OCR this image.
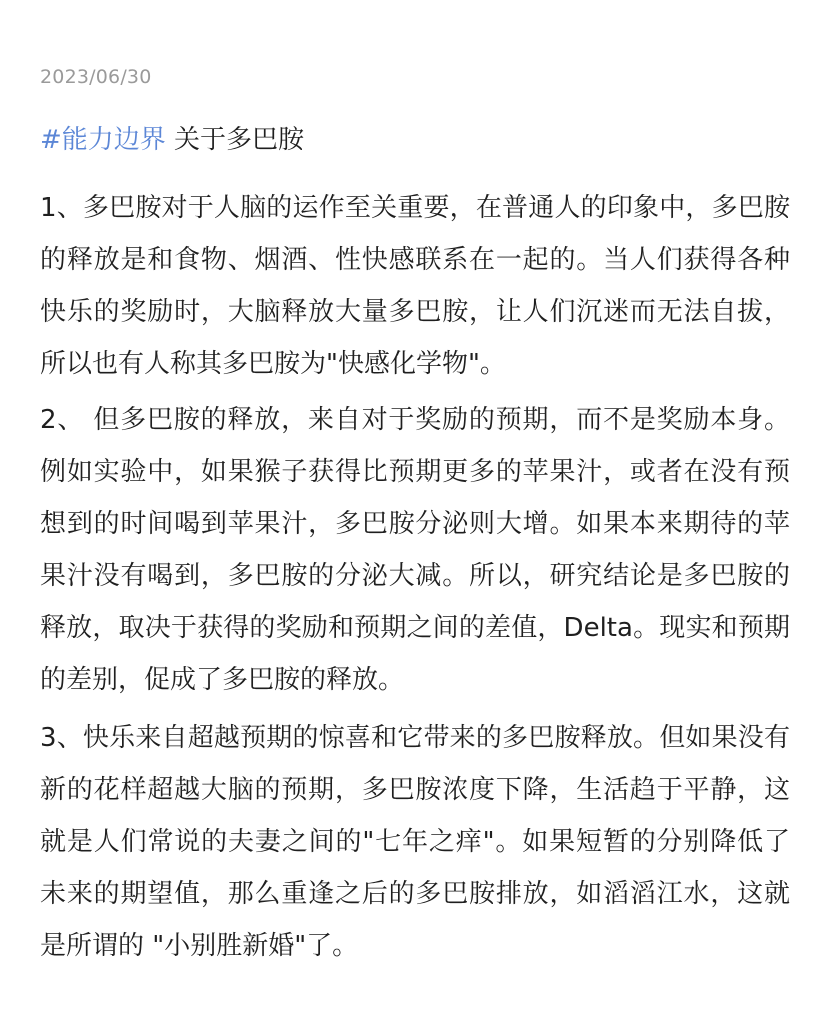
2023/06/30
#能力边界 关于多巴胺
1、多巴胺对于人脑的运作至关重要，在普通人的印象中，多巴胺的释放是和食物、烟酒、性快感联系在一起的。当人们获得各种快乐的奖励时，大脑释放大量多巴胺，让人们沉迷而无法自拔，所以也有人称其多巴胺为"快感化学物"。
2、 但多巴胺的释放，来自对于奖励的预期，而不是奖励本身。例如实验中，如果猴子获得比预期更多的苹果汁，或者在没有预想到的时间喝到苹果汁，多巴胺分泌则大增。如果本来期待的苹果汁没有喝到，多巴胺的分泌大减。所以，研究结论是多巴胺的释放，取决于获得的奖励和预期之间的差值，Delta。现实和预期的差别，促成了多巴胺的释放。
3、快乐来自超越预期的惊喜和它带来的多巴胺释放。但如果没有新的花样超越大脑的预期，多巴胺浓度下降，生活趋于平静，这就是人们常说的夫妻之间的"七年之痒"。如果短暂的分别降低了未来的期望值，那么重逢之后的多巴胺排放，如滔滔江水，这就是所谓的 "小别胜新婚"了。
